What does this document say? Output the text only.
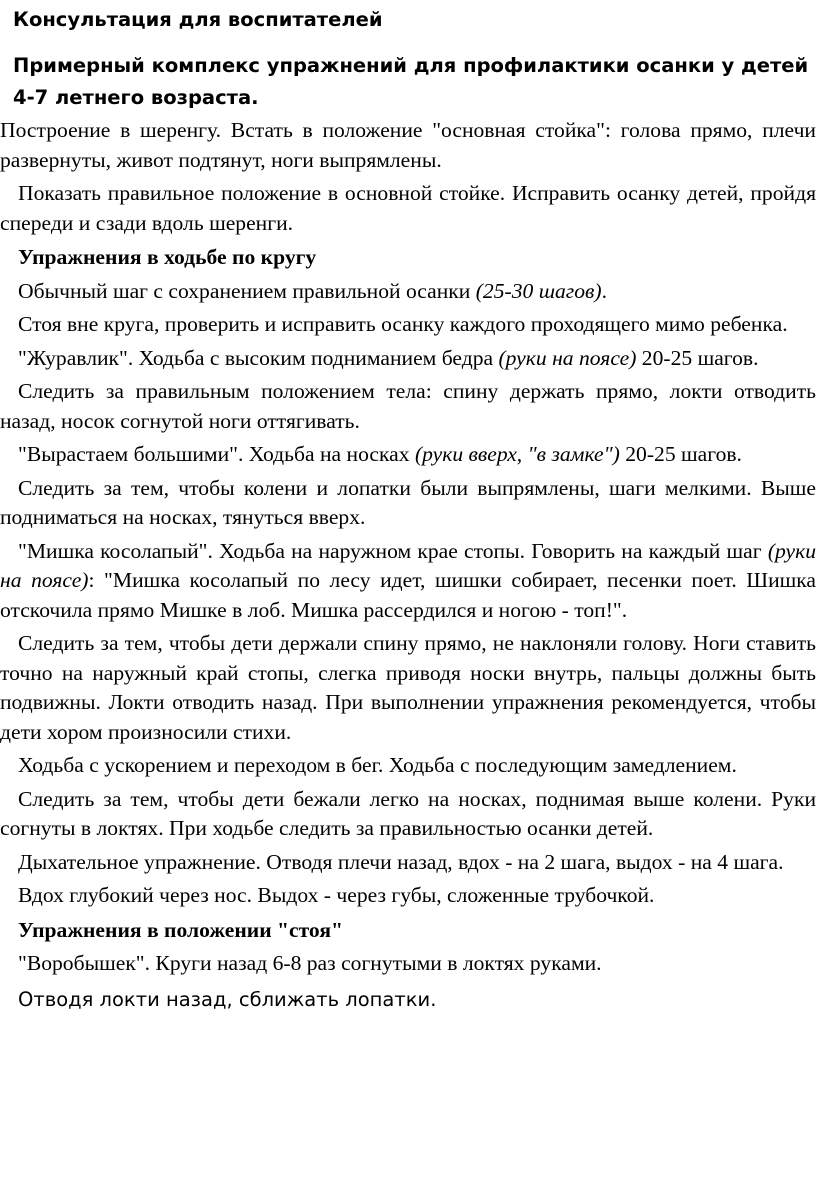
Консультация для воспитателей

Примерный комплекс упражнений для профилактики осанки у детей

4-7 летнего возраста.

Построение в шеренгу. Встать в положение "основная стойка": голова прямо, плечи развернуты, живот подтянут, ноги выпрямлены.

Показать правильное положение в основной стойке. Исправить осанку детей, пройдя спереди и сзади вдоль шеренги.

Упражнения в ходьбе по кругу

Обычный шаг с сохранением правильной осанки (25-30 шагов).

Стоя вне круга, проверить и исправить осанку каждого проходящего мимо ребенка.

"Журавлик". Ходьба с высоким подниманием бедра (руки на поясе) 20-25 шагов.

Следить за правильным положением тела: спину держать прямо, локти отводить назад, носок согнутой ноги оттягивать.

"Вырастаем большими". Ходьба на носках (руки вверх, "в замке") 20-25 шагов.

Следить за тем, чтобы колени и лопатки были выпрямлены, шаги мелкими. Выше подниматься на носках, тянуться вверх.

"Мишка косолапый". Ходьба на наружном крае стопы. Говорить на каждый шаг (руки на поясе): "Мишка косолапый по лесу идет, шишки собирает, песенки поет. Шишка отскочила прямо Мишке в лоб. Мишка рассердился и ногою - топ!".

Следить за тем, чтобы дети держали спину прямо, не наклоняли голову. Ноги ставить точно на наружный край стопы, слегка приводя носки внутрь, пальцы должны быть подвижны. Локти отводить назад. При выполнении упражнения рекомендуется, чтобы дети хором произносили стихи.

Ходьба с ускорением и переходом в бег. Ходьба с последующим замедлением.

Следить за тем, чтобы дети бежали легко на носках, поднимая выше колени. Руки согнуты в локтях. При ходьбе следить за правильностью осанки детей.

Дыхательное упражнение. Отводя плечи назад, вдох - на 2 шага, выдох - на 4 шага.

Вдох глубокий через нос. Выдох - через губы, сложенные трубочкой.

Упражнения в положении "стоя"

"Воробышек". Круги назад 6-8 раз согнутыми в локтях руками.

Отводя локти назад, сближать лопатки.
